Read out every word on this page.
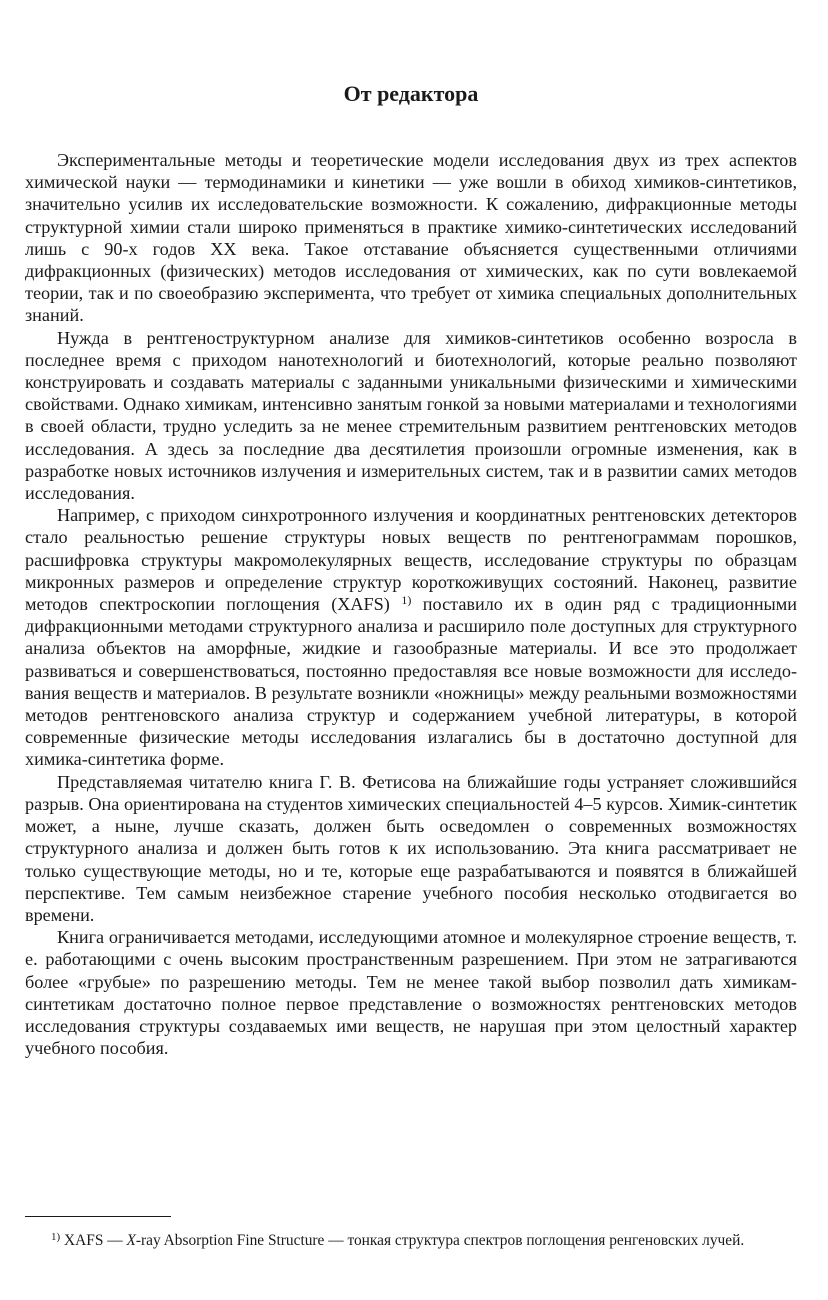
От редактора

Экспериментальные методы и теоретические модели исследования двух из трех аспектов химической науки — термодинамики и кинетики — уже вошли в обиход химиков-синтетиков, значительно усилив их исследовательские возможности. К сожалению, дифракционные методы структурной химии стали широко применяться в практике химико-синтетических исследований лишь с 90-х годов XX века. Такое отставание объясняется существенными отличиями дифракционных (физических) методов исследования от химических, как по сути вовлекаемой теории, так и по своеобразию эксперимента, что требует от химика специальных дополнительных знаний.

Нужда в рентгеноструктурном анализе для химиков-синтетиков особенно возросла в последнее время с приходом нанотехнологий и биотехнологий, которые реально позволяют конструировать и создавать материалы с заданными уникальными физическими и химическими свойствами. Однако химикам, интенсивно занятым гонкой за новыми материалами и технологиями в своей области, трудно уследить за не менее стремительным развитием рентгеновских методов исследования. А здесь за последние два десятилетия произошли огромные изменения, как в разработке новых источников излучения и измерительных систем, так и в развитии самих методов исследования.

Например, с приходом синхротронного излучения и координатных рентгеновских детекторов стало реальностью решение структуры новых веществ по рентгенограммам порошков, расшифровка структуры макромолекулярных веществ, исследование структуры по образцам микронных размеров и определение структур короткоживущих состояний. Наконец, развитие методов спектроскопии поглощения (XAFS) $^{1)}$ поставило их в один ряд с традиционными дифракционными методами структурного анализа и расширило поле доступных для структурного анализа объектов на аморфные, жидкие и газообразные материалы. И все это продолжает развиваться и совершенствоваться, постоянно предоставляя все новые возможности для исследования веществ и материалов. В результате возникли «ножницы» между реальными возможностями методов рентгеновского анализа структур и содержанием учебной литературы, в которой современные физические методы исследования излагались бы в достаточно доступной для химика-синтетика форме.

Представляемая читателю книга Г. В. Фетисова на ближайшие годы устраняет сложившийся разрыв. Она ориентирована на студентов химических специальностей 4–5 курсов. Химик-синтетик может, а ныне, лучше сказать, должен быть осведомлен о современных возможностях структурного анализа и должен быть готов к их использованию. Эта книга рассматривает не только существующие методы, но и те, которые еще разрабатываются и появятся в ближайшей перспективе. Тем самым неизбежное старение учебного пособия несколько отодвигается во времени.

Книга ограничивается методами, исследующими атомное и молекулярное строение веществ, т. е. работающими с очень высоким пространственным разрешением. При этом не затрагиваются более «грубые» по разрешению методы. Тем не менее такой выбор позволил дать химикам-синтетикам достаточно полное первое представление о возможностях рентгеновских методов исследования структуры создаваемых ими веществ, не нарушая при этом целостный характер учебного пособия.

$^{1)}$ XAFS — X-ray Absorption Fine Structure — тонкая структура спектров поглощения ренгеновских лучей.
